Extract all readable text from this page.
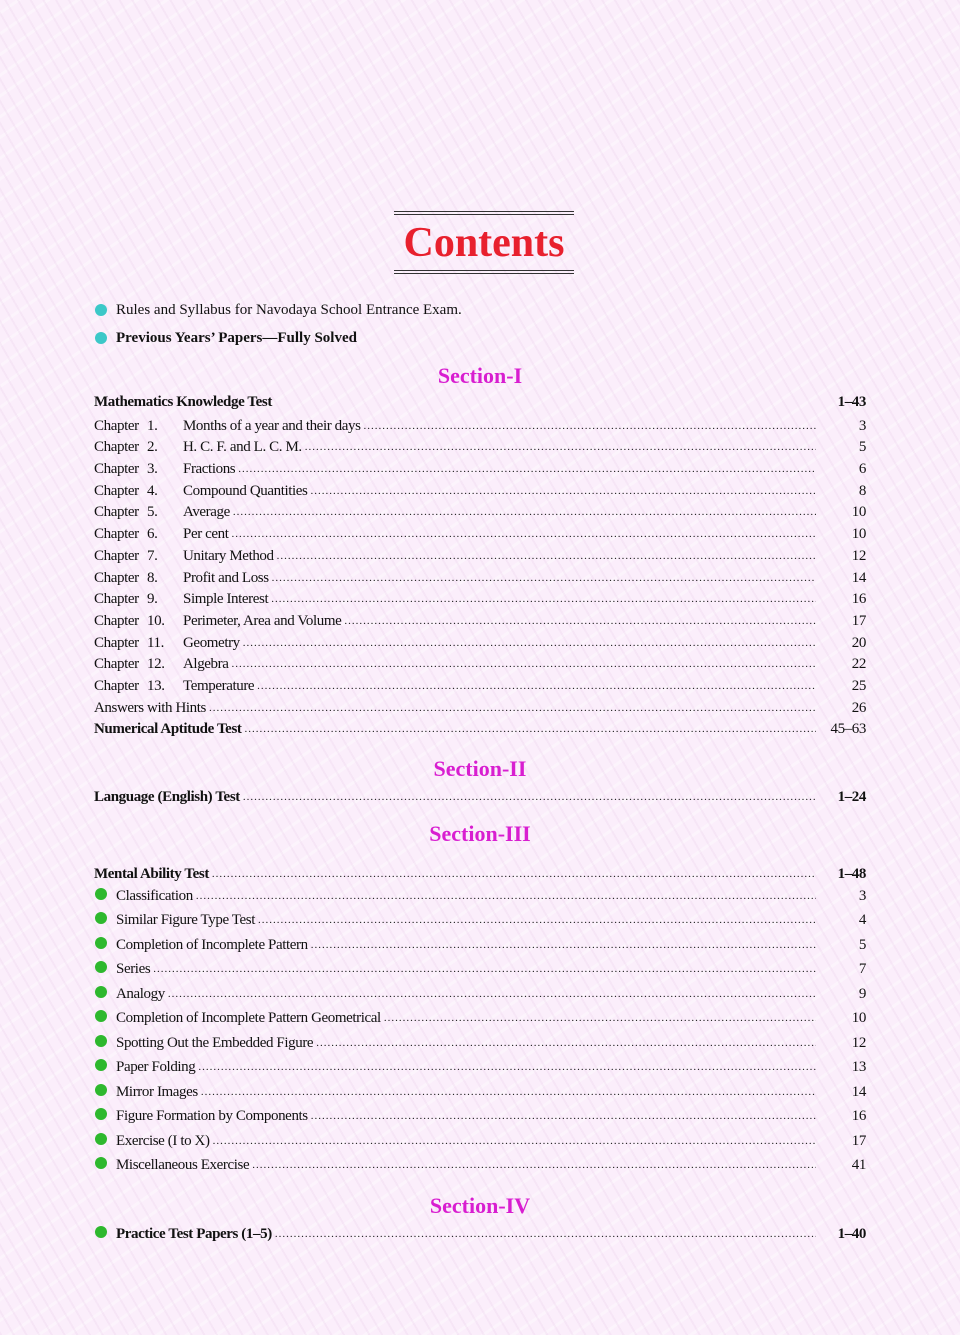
Contents
Rules and Syllabus for Navodaya School Entrance Exam.
Previous Years’ Papers—Fully Solved
Section-I
Mathematics Knowledge Test	1–43
Chapter 1.	Months of a year and their days .....	3
Chapter 2.	H. C. F. and L. C. M. .....	5
Chapter 3.	Fractions .....	6
Chapter 4.	Compound Quantities .....	8
Chapter 5.	Average .....	10
Chapter 6.	Per cent .....	10
Chapter 7.	Unitary Method .....	12
Chapter 8.	Profit and Loss .....	14
Chapter 9.	Simple Interest .....	16
Chapter 10.	Perimeter, Area and Volume .....	17
Chapter 11.	Geometry .....	20
Chapter 12.	Algebra .....	22
Chapter 13.	Temperature .....	25
Answers with Hints .....	26
Numerical Aptitude Test .....	45–63
Section-II
Language (English) Test .....	1–24
Section-III
Mental Ability Test .....	1–48
Classification .....	3
Similar Figure Type Test .....	4
Completion of Incomplete Pattern .....	5
Series .....	7
Analogy .....	9
Completion of Incomplete Pattern Geometrical .....	10
Spotting Out the Embedded Figure .....	12
Paper Folding .....	13
Mirror Images .....	14
Figure Formation by Components .....	16
Exercise (I to X) .....	17
Miscellaneous Exercise .....	41
Section-IV
Practice Test Papers (1–5) .....	1–40
